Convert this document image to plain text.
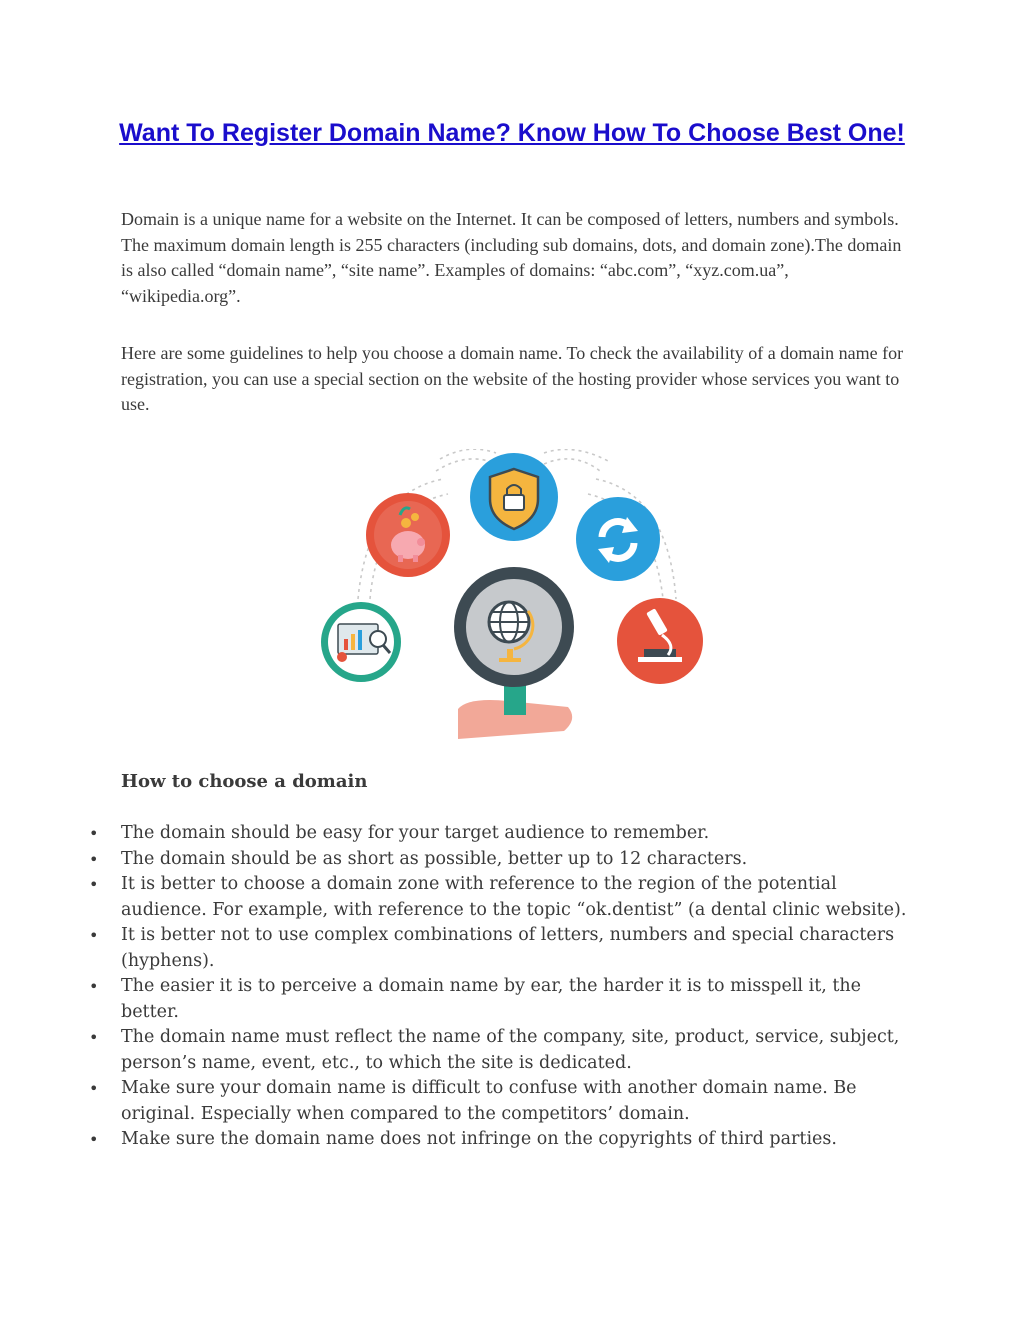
Want To Register Domain Name? Know How To Choose Best One!

Domain is a unique name for a website on the Internet. It can be composed of letters, numbers and symbols. The maximum domain length is 255 characters (including sub domains, dots, and domain zone).The domain is also called “domain name”, “site name”. Examples of domains: “abc.com”, “xyz.com.ua”, “wikipedia.org”.

Here are some guidelines to help you choose a domain name. To check the availability of a domain name for registration, you can use a special section on the website of the hosting provider whose services you want to use.

How to choose a domain
• The domain should be easy for your target audience to remember.
• The domain should be as short as possible, better up to 12 characters.
• It is better to choose a domain zone with reference to the region of the potential audience. For example, with reference to the topic “ok.dentist” (a dental clinic website).
• It is better not to use complex combinations of letters, numbers and special characters (hyphens).
• The easier it is to perceive a domain name by ear, the harder it is to misspell it, the better.
• The domain name must reflect the name of the company, site, product, service, subject, person’s name, event, etc., to which the site is dedicated.
• Make sure your domain name is difficult to confuse with another domain name. Be original. Especially when compared to the competitors’ domain.
• Make sure the domain name does not infringe on the copyrights of third parties.
